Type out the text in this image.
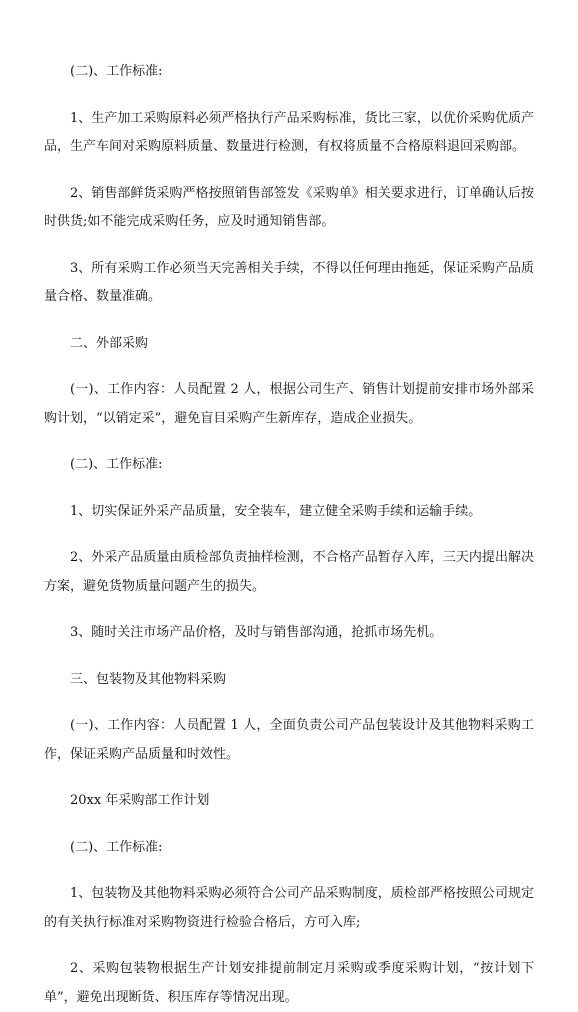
(二)、工作标准:

1、生产加工采购原料必须严格执行产品采购标准，货比三家，以优价采购优质产品，生产车间对采购原料质量、数量进行检测，有权将质量不合格原料退回采购部。

2、销售部鲜货采购严格按照销售部签发《采购单》相关要求进行，订单确认后按时供货;如不能完成采购任务，应及时通知销售部。

3、所有采购工作必须当天完善相关手续，不得以任何理由拖延，保证采购产品质量合格、数量准确。

二、外部采购

(一)、工作内容：人员配置 2 人，根据公司生产、销售计划提前安排市场外部采购计划，“以销定采”，避免盲目采购产生新库存，造成企业损失。

(二)、工作标准:

1、切实保证外采产品质量，安全装车，建立健全采购手续和运输手续。

2、外采产品质量由质检部负责抽样检测，不合格产品暂存入库，三天内提出解决方案，避免货物质量问题产生的损失。

3、随时关注市场产品价格，及时与销售部沟通，抢抓市场先机。

三、包装物及其他物料采购

(一)、工作内容：人员配置 1 人，全面负责公司产品包装设计及其他物料采购工作，保证采购产品质量和时效性。

20xx 年采购部工作计划

(二)、工作标准:

1、包装物及其他物料采购必须符合公司产品采购制度，质检部严格按照公司规定的有关执行标准对采购物资进行检验合格后，方可入库;

2、采购包装物根据生产计划安排提前制定月采购或季度采购计划，“按计划下单”，避免出现断货、积压库存等情况出现。
